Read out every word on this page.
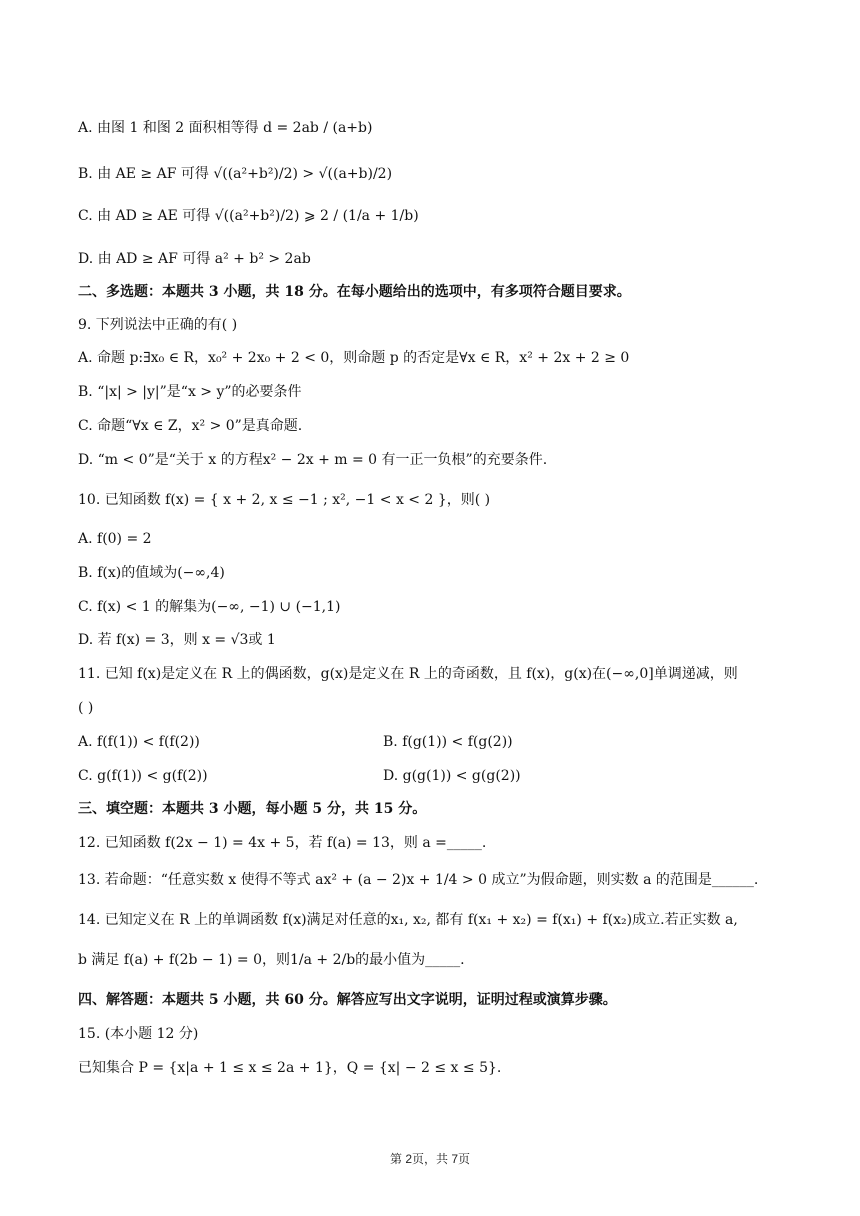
A. 由图 1 和图 2 面积相等得 d = 2ab / (a+b)
B. 由 AE ≥ AF 可得 √((a²+b²)/2) > √((a+b)/2)
C. 由 AD ≥ AE 可得 √((a²+b²)/2) ⩾ 2 / (1/a + 1/b)
D. 由 AD ≥ AF 可得 a² + b² > 2ab
二、多选题：本题共 3 小题，共 18 分。在每小题给出的选项中，有多项符合题目要求。
9. 下列说法中正确的有( )
A. 命题 p:∃x₀ ∈ R，x₀² + 2x₀ + 2 < 0，则命题 p 的否定是∀x ∈ R，x² + 2x + 2 ≥ 0
B. “|x| > |y|”是“x > y”的必要条件
C. 命题“∀x ∈ Z，x² > 0”是真命题.
D. “m < 0”是“关于 x 的方程x² − 2x + m = 0 有一正一负根”的充要条件.
10. 已知函数 f(x) = { x + 2, x ≤ −1 ; x², −1 < x < 2 }，则( )
A. f(0) = 2
B. f(x)的值域为(−∞,4)
C. f(x) < 1 的解集为(−∞, −1) ∪ (−1,1)
D. 若 f(x) = 3，则 x = √3或 1
11. 已知 f(x)是定义在 R 上的偶函数，g(x)是定义在 R 上的奇函数，且 f(x)，g(x)在(−∞,0]单调递减，则
( )
A. f(f(1)) < f(f(2))	B. f(g(1)) < f(g(2))
C. g(f(1)) < g(f(2))	D. g(g(1)) < g(g(2))
三、填空题：本题共 3 小题，每小题 5 分，共 15 分。
12. 已知函数 f(2x − 1) = 4x + 5，若 f(a) = 13，则 a =_____.
13. 若命题：“任意实数 x 使得不等式 ax² + (a − 2)x + 1/4 > 0 成立”为假命题，则实数 a 的范围是______.
14. 已知定义在 R 上的单调函数 f(x)满足对任意的x₁, x₂, 都有 f(x₁ + x₂) = f(x₁) + f(x₂)成立.若正实数 a,
b 满足 f(a) + f(2b − 1) = 0，则1/a + 2/b的最小值为_____.
四、解答题：本题共 5 小题，共 60 分。解答应写出文字说明，证明过程或演算步骤。
15. (本小题 12 分)
已知集合 P = {x|a + 1 ≤ x ≤ 2a + 1}，Q = {x| − 2 ≤ x ≤ 5}.
第 2页，共 7页
